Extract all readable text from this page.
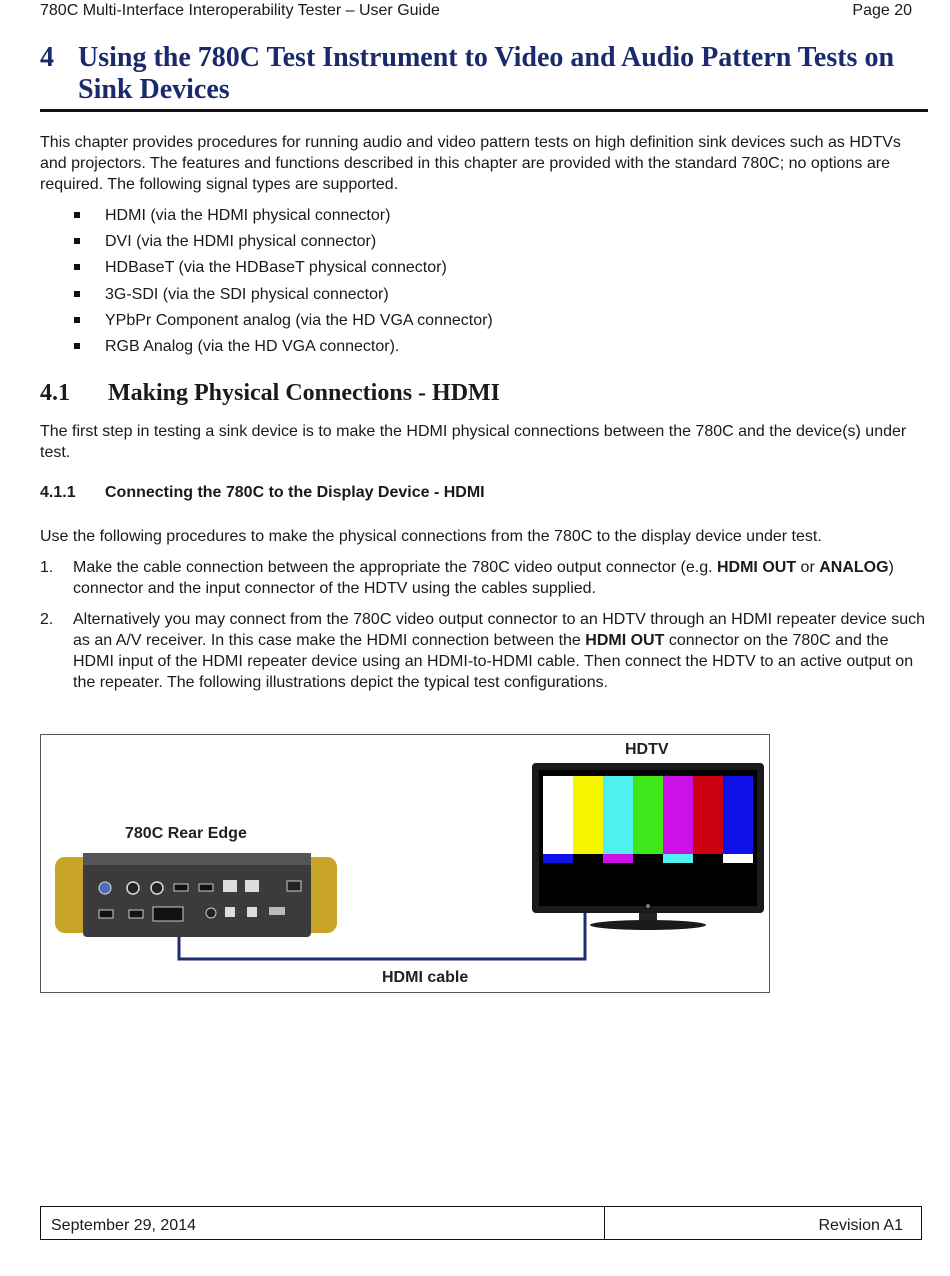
780C Multi-Interface Interoperability Tester – User Guide	Page 20
4 Using the 780C Test Instrument to Video and Audio Pattern Tests on Sink Devices

This chapter provides procedures for running audio and video pattern tests on high definition sink devices such as HDTVs and projectors. The features and functions described in this chapter are provided with the standard 780C; no options are required. The following signal types are supported.

HDMI (via the HDMI physical connector)
DVI (via the HDMI physical connector)
HDBaseT (via the HDBaseT physical connector)
3G-SDI (via the SDI physical connector)
YPbPr Component analog (via the HD VGA connector)
RGB Analog (via the HD VGA connector).
4.1	Making Physical Connections - HDMI

The first step in testing a sink device is to make the HDMI physical connections between the 780C and the device(s) under test.

4.1.1	Connecting the 780C to the Display Device - HDMI

Use the following procedures to make the physical connections from the 780C to the display device under test.

1.	Make the cable connection between the appropriate the 780C video output connector (e.g. HDMI OUT or ANALOG) connector and the input connector of the HDTV using the cables supplied.
2.	Alternatively you may connect from the 780C video output connector to an HDTV through an HDMI repeater device such as an A/V receiver. In this case make the HDMI connection between the HDMI OUT connector on the 780C and the HDMI input of the HDMI repeater device using an HDMI-to-HDMI cable. Then connect the HDTV to an active output on the repeater. The following illustrations depict the typical test configurations.
780C Rear Edge
HDTV
HDMI cable
September 29, 2014	Revision A1
